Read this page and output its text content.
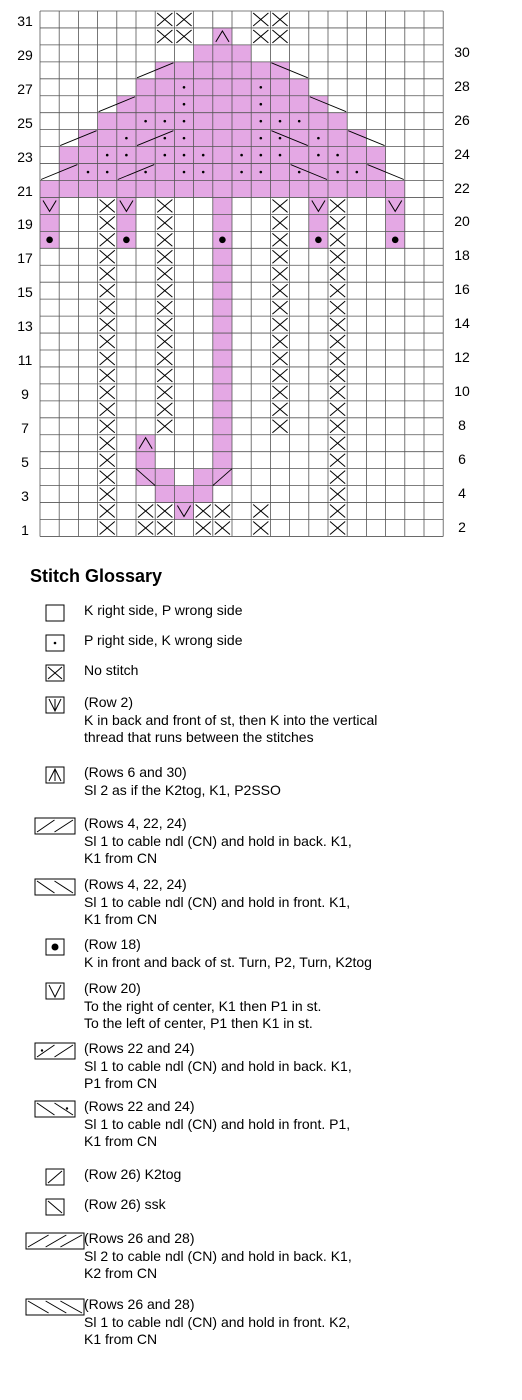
31
29
27
25
23
21
19
17
15
13
11
9
7
5
3
1
30
28
26
24
22
20
18
16
14
12
10
8
6
4
2
Stitch Glossary
K right side, P wrong side
P right side, K wrong side
No stitch
(Row 2)
K in back and front of st, then K into the vertical
thread that runs between the stitches
(Rows 6 and 30)
Sl 2 as if the K2tog, K1, P2SSO
(Rows 4, 22, 24)
Sl 1 to cable ndl (CN) and hold in back. K1,
K1 from CN
(Rows 4, 22, 24)
Sl 1 to cable ndl (CN) and hold in front. K1,
K1 from CN
(Row 18)
K in front and back of st. Turn, P2, Turn, K2tog
(Row 20)
To the right of center, K1 then P1 in st.
To the left of center, P1 then K1 in st.
(Rows 22 and 24)
Sl 1 to cable ndl (CN) and hold in back. K1,
P1 from CN
(Rows 22 and 24)
Sl 1 to cable ndl (CN) and hold in front. P1,
K1 from CN
(Row 26) K2tog
(Row 26) ssk
(Rows 26 and 28)
Sl 2 to cable ndl (CN) and hold in back. K1,
K2 from CN
(Rows 26 and 28)
Sl 1 to cable ndl (CN) and hold in front. K2,
K1 from CN
